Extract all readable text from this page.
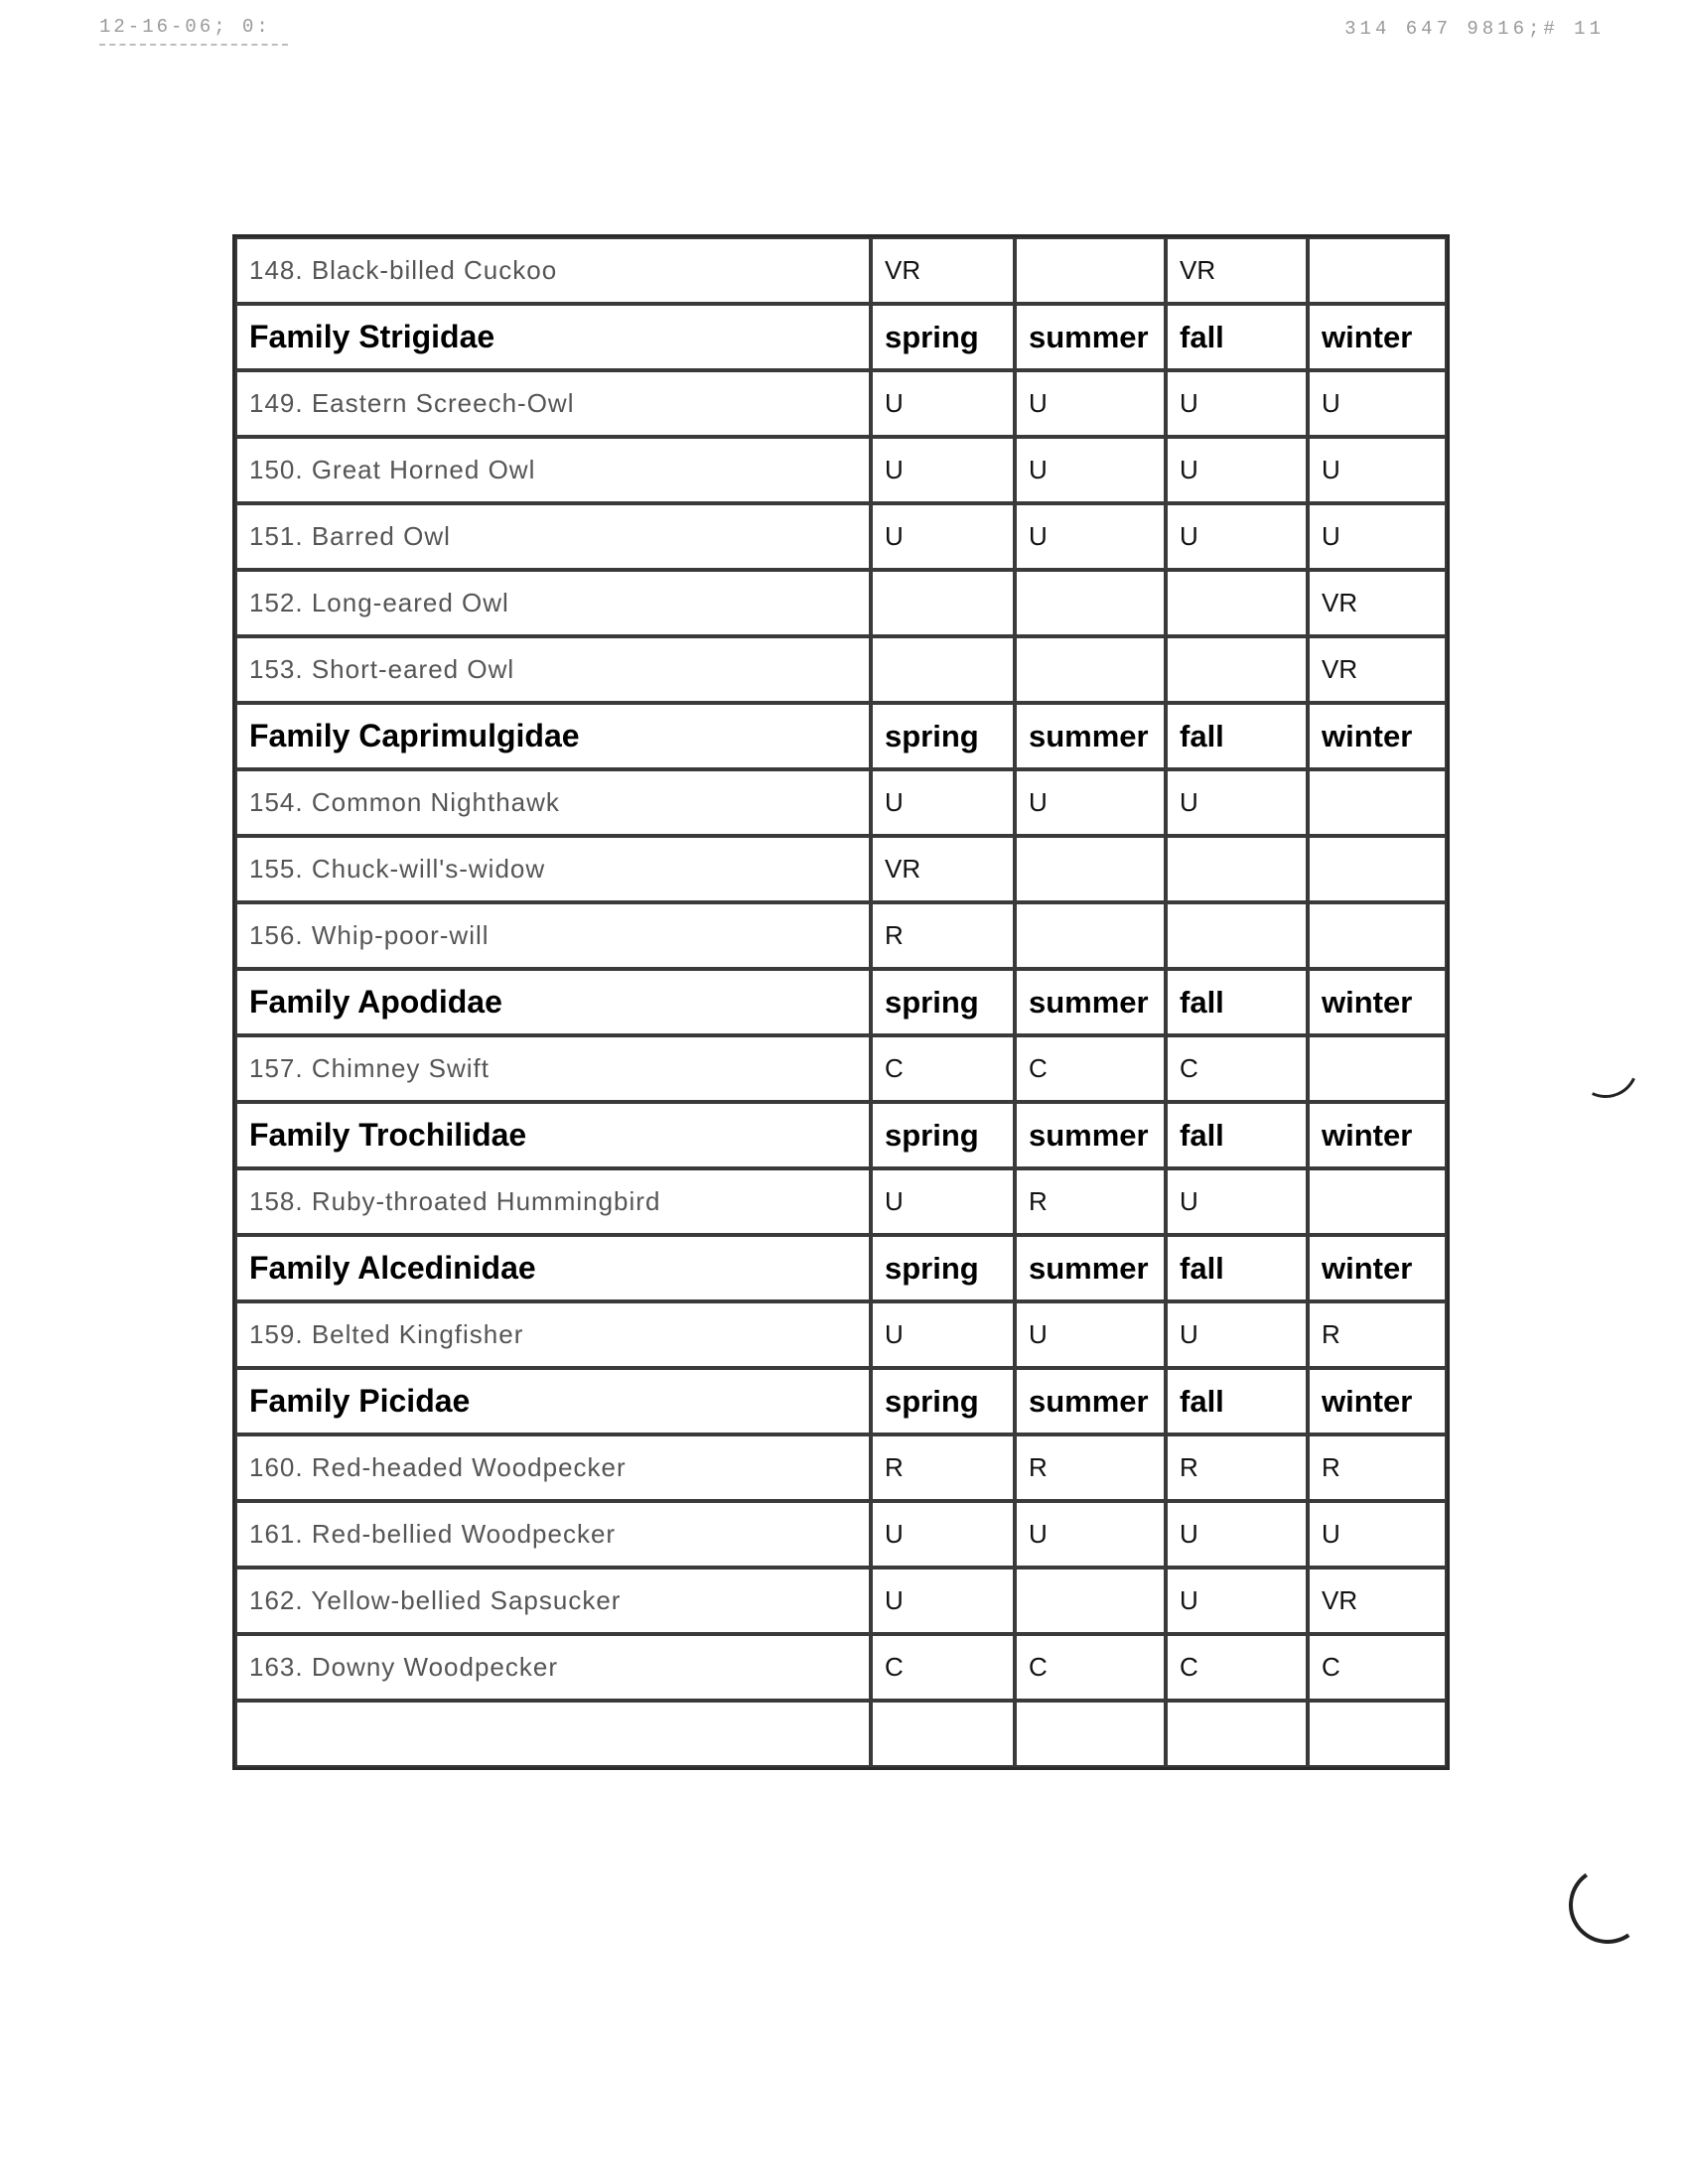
12-16-06; 0:	314 647 9816;# 11
148. Black-billed Cuckoo	VR		VR	
Family Strigidae	spring	summer	fall	winter
149. Eastern Screech-Owl	U	U	U	U
150. Great Horned Owl	U	U	U	U
151. Barred Owl	U	U	U	U
152. Long-eared Owl				VR
153. Short-eared Owl				VR
Family Caprimulgidae	spring	summer	fall	winter
154. Common Nighthawk	U	U	U	
155. Chuck-will's-widow	VR			
156. Whip-poor-will	R			
Family Apodidae	spring	summer	fall	winter
157. Chimney Swift	C	C	C	
Family Trochilidae	spring	summer	fall	winter
158. Ruby-throated Hummingbird	U	R	U	
Family Alcedinidae	spring	summer	fall	winter
159. Belted Kingfisher	U	U	U	R
Family Picidae	spring	summer	fall	winter
160. Red-headed Woodpecker	R	R	R	R
161. Red-bellied Woodpecker	U	U	U	U
162. Yellow-bellied Sapsucker	U		U	VR
163. Downy Woodpecker	C	C	C	C
